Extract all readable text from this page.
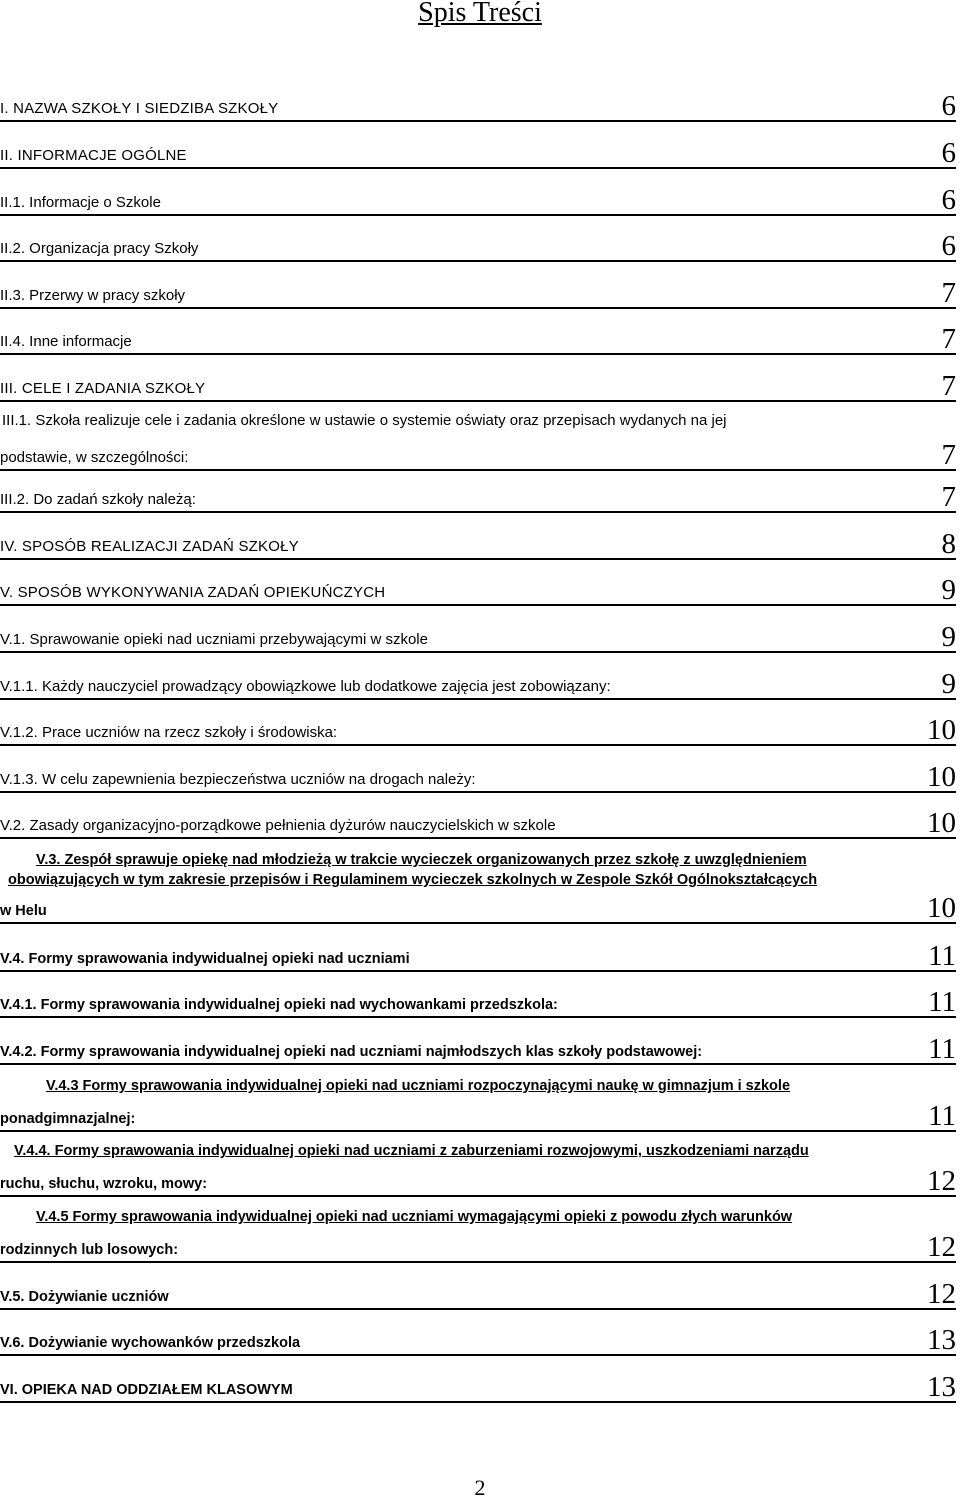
Spis Treści
I. NAZWA SZKOŁY I SIEDZIBA SZKOŁY	6
II. INFORMACJE OGÓLNE	6
II.1. Informacje o Szkole	6
II.2. Organizacja pracy Szkoły	6
II.3. Przerwy w pracy szkoły	7
II.4. Inne informacje	7
III. CELE I ZADANIA SZKOŁY	7
III.1. Szkoła realizuje cele i zadania określone w ustawie o systemie oświaty oraz przepisach wydanych na jej
podstawie, w szczególności:	7
III.2. Do zadań szkoły należą:	7
IV. SPOSÓB REALIZACJI ZADAŃ SZKOŁY	8
V. SPOSÓB WYKONYWANIA ZADAŃ OPIEKUŃCZYCH	9
V.1. Sprawowanie opieki nad uczniami przebywającymi w szkole	9
V.1.1. Każdy nauczyciel prowadzący obowiązkowe lub dodatkowe zajęcia jest zobowiązany:	9
V.1.2. Prace uczniów na rzecz szkoły i środowiska:	10
V.1.3. W celu zapewnienia bezpieczeństwa uczniów na drogach należy:	10
V.2. Zasady organizacyjno-porządkowe pełnienia dyżurów nauczycielskich w szkole	10
V.3. Zespół sprawuje opiekę nad młodzieżą w trakcie wycieczek organizowanych przez szkołę z uwzględnieniem
obowiązujących w tym zakresie przepisów i Regulaminem wycieczek szkolnych w Zespole Szkół Ogólnokształcących
w Helu	10
V.4. Formy sprawowania indywidualnej opieki nad uczniami	11
V.4.1. Formy sprawowania indywidualnej opieki nad wychowankami przedszkola:	11
V.4.2. Formy sprawowania indywidualnej opieki nad uczniami najmłodszych klas szkoły podstawowej:	11
V.4.3 Formy sprawowania indywidualnej opieki nad uczniami rozpoczynającymi naukę w gimnazjum i szkole
ponadgimnazjalnej:	11
V.4.4. Formy sprawowania indywidualnej opieki nad uczniami z zaburzeniami rozwojowymi, uszkodzeniami narządu
ruchu, słuchu, wzroku, mowy:	12
V.4.5 Formy sprawowania indywidualnej opieki nad uczniami wymagającymi opieki z powodu złych warunków
rodzinnych lub losowych:	12
V.5. Dożywianie uczniów	12
V.6. Dożywianie wychowanków przedszkola	13
VI. OPIEKA NAD ODDZIAŁEM KLASOWYM	13
2
